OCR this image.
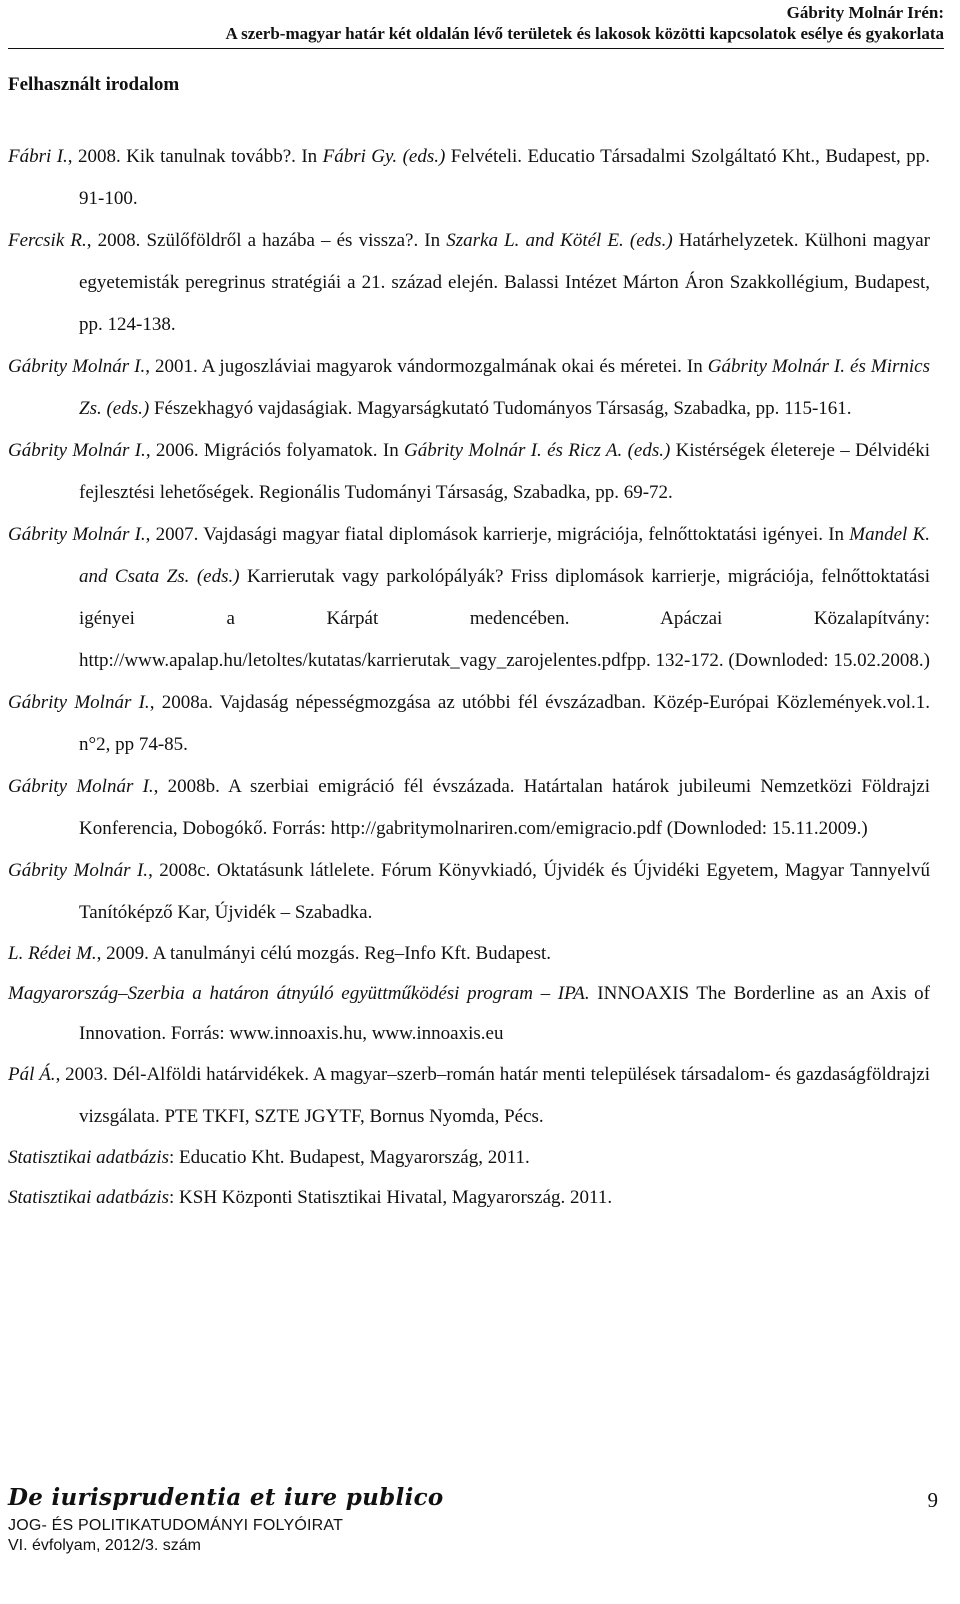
Gábrity Molnár Irén:
A szerb-magyar határ két oldalán lévő területek és lakosok közötti kapcsolatok esélye és gyakorlata
Felhasznált irodalom

Fábri I., 2008. Kik tanulnak tovább?. In Fábri Gy. (eds.) Felvételi. Educatio Társadalmi Szolgáltató Kht., Budapest, pp. 91-100.

Fercsik R., 2008. Szülőföldről a hazába – és vissza?. In Szarka L. and Kötél E. (eds.) Határhelyzetek. Külhoni magyar egyetemisták peregrinus stratégiái a 21. század elején. Balassi Intézet Márton Áron Szakkollégium, Budapest, pp. 124-138.

Gábrity Molnár I., 2001. A jugoszláviai magyarok vándormozgalmának okai és méretei. In Gábrity Molnár I. és Mirnics Zs. (eds.) Fészekhagyó vajdaságiak. Magyarságkutató Tudományos Társaság, Szabadka, pp. 115-161.

Gábrity Molnár I., 2006. Migrációs folyamatok. In Gábrity Molnár I. és Ricz A. (eds.) Kistérségek életereje – Délvidéki fejlesztési lehetőségek. Regionális Tudományi Társaság, Szabadka, pp. 69-72.

Gábrity Molnár I., 2007. Vajdasági magyar fiatal diplomások karrierje, migrációja, felnőttoktatási igényei. In Mandel K. and Csata Zs. (eds.) Karrierutak vagy parkolópályák? Friss diplomások karrierje, migrációja, felnőttoktatási igényei a Kárpát medencében. Apáczai Közalapítvány: http://www.apalap.hu/letoltes/kutatas/karrierutak_vagy_zarojelentes.pdfpp. 132-172. (Downloded: 15.02.2008.)

Gábrity Molnár I., 2008a. Vajdaság népességmozgása az utóbbi fél évszázadban. Közép-Európai Közlemények.vol.1. n°2, pp 74-85.

Gábrity Molnár I., 2008b. A szerbiai emigráció fél évszázada. Határtalan határok jubileumi Nemzetközi Földrajzi Konferencia, Dobogókő. Forrás: http://gabritymolnariren.com/emigracio.pdf (Downloded: 15.11.2009.)

Gábrity Molnár I., 2008c. Oktatásunk látlelete. Fórum Könyvkiadó, Újvidék és Újvidéki Egyetem, Magyar Tannyelvű Tanítóképző Kar, Újvidék – Szabadka.

L. Rédei M., 2009. A tanulmányi célú mozgás. Reg–Info Kft. Budapest.

Magyarország–Szerbia a határon átnyúló együttműködési program – IPA. INNOAXIS The Borderline as an Axis of Innovation. Forrás: www.innoaxis.hu, www.innoaxis.eu

Pál Á., 2003. Dél-Alföldi határvidékek. A magyar–szerb–román határ menti települések társadalom- és gazdaságföldrajzi vizsgálata. PTE TKFI, SZTE JGYTF, Bornus Nyomda, Pécs.

Statisztikai adatbázis: Educatio Kht. Budapest, Magyarország, 2011.

Statisztikai adatbázis: KSH Központi Statisztikai Hivatal, Magyarország. 2011.

De iurisprudentia et iure publico	9
JOG- ÉS POLITIKATUDOMÁNYI FOLYÓIRAT
VI. évfolyam, 2012/3. szám
